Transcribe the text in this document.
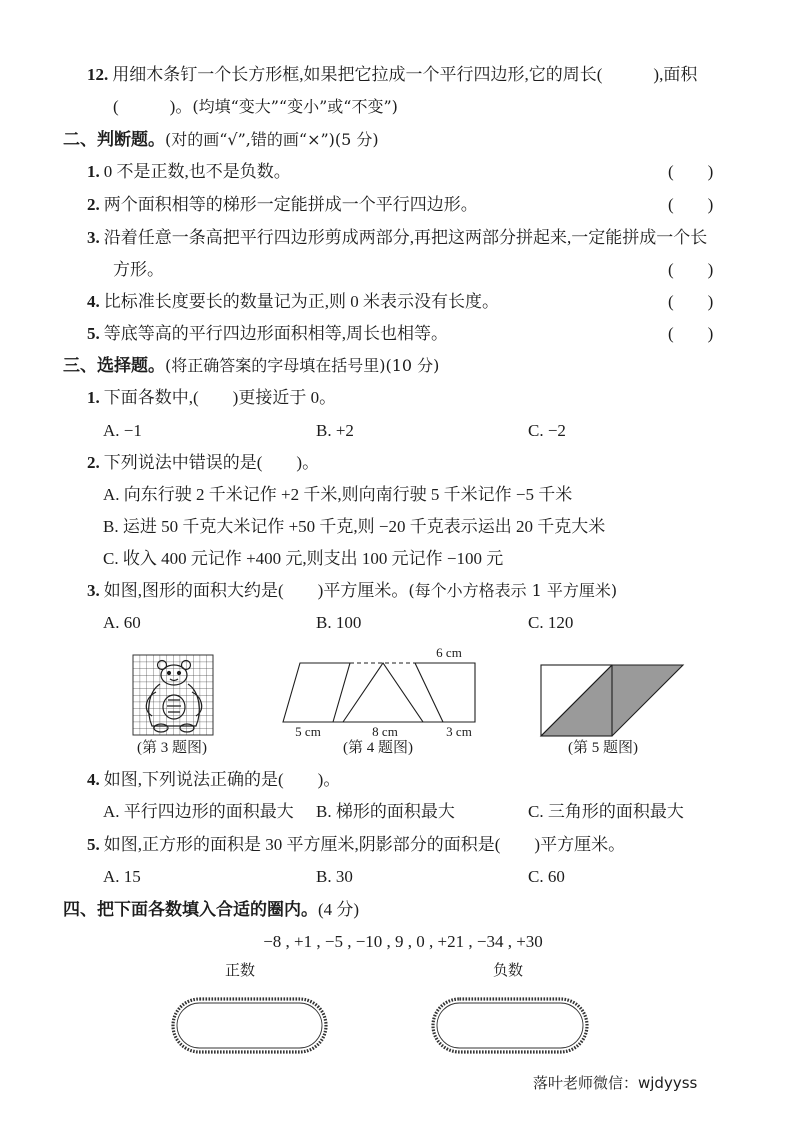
12. 用细木条钉一个长方形框,如果把它拉成一个平行四边形,它的周长(　　　),面积
(　　　)。(均填“变大”“变小”或“不变”)
二、判断题。(对的画“√”,错的画“×”)(5 分)
1. 0 不是正数,也不是负数。	(　　)
2. 两个面积相等的梯形一定能拼成一个平行四边形。	(　　)
3. 沿着任意一条高把平行四边形剪成两部分,再把这两部分拼起来,一定能拼成一个长
方形。	(　　)
4. 比标准长度要长的数量记为正,则 0 米表示没有长度。	(　　)
5. 等底等高的平行四边形面积相等,周长也相等。	(　　)
三、选择题。(将正确答案的字母填在括号里)(10 分)
1. 下面各数中,(　　)更接近于 0。
A. −1	B. +2	C. −2
2. 下列说法中错误的是(　　)。
A. 向东行驶 2 千米记作 +2 千米,则向南行驶 5 千米记作 −5 千米
B. 运进 50 千克大米记作 +50 千克,则 −20 千克表示运出 20 千克大米
C. 收入 400 元记作 +400 元,则支出 100 元记作 −100 元
3. 如图,图形的面积大约是(　　)平方厘米。(每个小方格表示 1 平方厘米)
A. 60	B. 100	C. 120
6 cm
5 cm	8 cm	3 cm
(第 3 题图)	(第 4 题图)	(第 5 题图)
4. 如图,下列说法正确的是(　　)。
A. 平行四边形的面积最大 B. 梯形的面积最大	C. 三角形的面积最大
5. 如图,正方形的面积是 30 平方厘米,阴影部分的面积是(　　)平方厘米。
A. 15	B. 30	C. 60
四、把下面各数填入合适的圈内。(4 分)
−8 , +1 , −5 , −10 , 9 , 0 , +21 , −34 , +30
正数	负数
落叶老师微信：wjdyyss
